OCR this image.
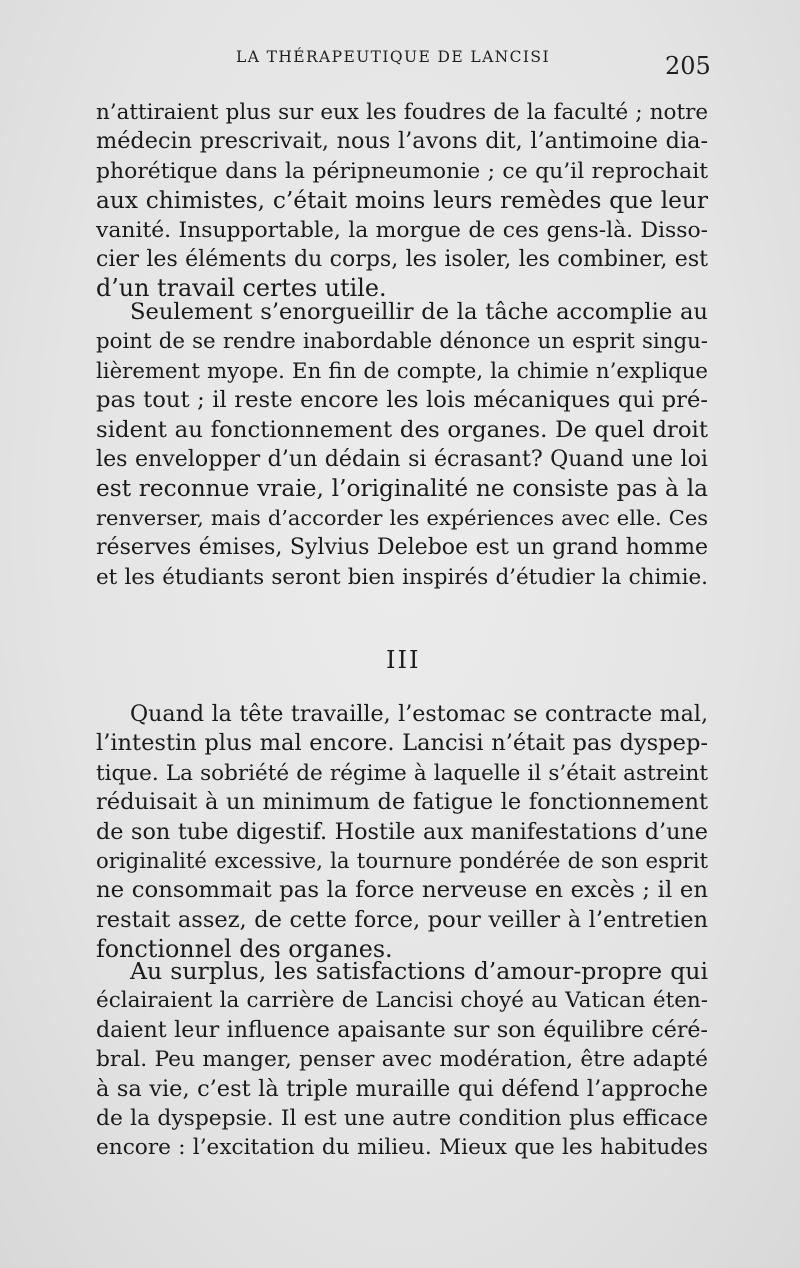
LA THÉRAPEUTIQUE DE LANCISI	205
n’attiraient plus sur eux les foudres de la faculté ; notre
médecin prescrivait, nous l’avons dit, l’antimoine dia-
phorétique dans la péripneumonie ; ce qu’il reprochait
aux chimistes, c’était moins leurs remèdes que leur
vanité. Insupportable, la morgue de ces gens-là. Disso-
cier les éléments du corps, les isoler, les combiner, est
d’un travail certes utile.
Seulement s’enorgueillir de la tâche accomplie au
point de se rendre inabordable dénonce un esprit singu-
lièrement myope. En fin de compte, la chimie n’explique
pas tout ; il reste encore les lois mécaniques qui pré-
sident au fonctionnement des organes. De quel droit
les envelopper d’un dédain si écrasant? Quand une loi
est reconnue vraie, l’originalité ne consiste pas à la
renverser, mais d’accorder les expériences avec elle. Ces
réserves émises, Sylvius Deleboe est un grand homme
et les étudiants seront bien inspirés d’étudier la chimie.
III
Quand la tête travaille, l’estomac se contracte mal,
l’intestin plus mal encore. Lancisi n’était pas dyspep-
tique. La sobriété de régime à laquelle il s’était astreint
réduisait à un minimum de fatigue le fonctionnement
de son tube digestif. Hostile aux manifestations d’une
originalité excessive, la tournure pondérée de son esprit
ne consommait pas la force nerveuse en excès ; il en
restait assez, de cette force, pour veiller à l’entretien
fonctionnel des organes.
Au surplus, les satisfactions d’amour-propre qui
éclairaient la carrière de Lancisi choyé au Vatican éten-
daient leur influence apaisante sur son équilibre céré-
bral. Peu manger, penser avec modération, être adapté
à sa vie, c’est là triple muraille qui défend l’approche
de la dyspepsie. Il est une autre condition plus efficace
encore : l’excitation du milieu. Mieux que les habitudes
